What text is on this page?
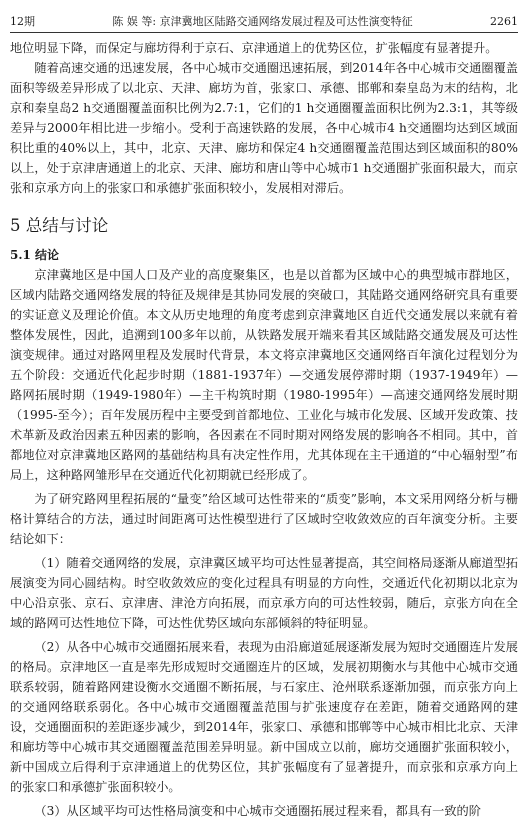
12期	陈 娱 等: 京津冀地区陆路交通网络发展过程及可达性演变特征	2261

地位明显下降，而保定与廊坊得利于京石、京津通道上的优势区位，扩张幅度有显著提升。

随着高速交通的迅速发展，各中心城市交通圈迅速拓展，到2014年各中心城市交通圈覆盖面积等级差异形成了以北京、天津、廊坊为首，张家口、承德、邯郸和秦皇岛为末的结构，北京和秦皇岛2 h交通圈覆盖面积比例为2.7:1，它们的1 h交通圈覆盖面积比例为2.3:1，其等级差异与2000年相比进一步缩小。受利于高速铁路的发展，各中心城市4 h交通圈均达到区域面积比重的40%以上，其中，北京、天津、廊坊和保定4 h交通圈覆盖范围达到区域面积的80%以上，处于京津唐通道上的北京、天津、廊坊和唐山等中心城市1 h交通圈扩张面积最大，而京张和京承方向上的张家口和承德扩张面积较小，发展相对滞后。

5 总结与讨论
5.1 结论

京津冀地区是中国人口及产业的高度聚集区，也是以首都为区域中心的典型城市群地区，区域内陆路交通网络发展的特征及规律是其协同发展的突破口，其陆路交通网络研究具有重要的实证意义及理论价值。本文从历史地理的角度考虑到京津冀地区自近代交通发展以来就有着整体发展性，因此，追溯到100多年以前，从铁路发展开端来看其区域陆路交通发展及可达性演变规律。通过对路网里程及发展时代背景，本文将京津冀地区交通网络百年演化过程划分为五个阶段：交通近代化起步时期（1881-1937年）—交通发展停滞时期（1937-1949年）—路网拓展时期（1949-1980年）—主干构筑时期（1980-1995年）—高速交通网络发展时期（1995-至今）；百年发展历程中主要受到首都地位、工业化与城市化发展、区域开发政策、技术革新及政治因素五种因素的影响，各因素在不同时期对网络发展的影响各不相同。其中，首都地位对京津冀地区路网的基础结构具有决定性作用，尤其体现在主干通道的“中心辐射型”布局上，这种路网雏形早在交通近代化初期就已经形成了。

为了研究路网里程拓展的“量变”给区域可达性带来的“质变”影响，本文采用网络分析与栅格计算结合的方法，通过时间距离可达性模型进行了区域时空收敛效应的百年演变分析。主要结论如下：

（1）随着交通网络的发展，京津冀区域平均可达性显著提高，其空间格局逐渐从廊道型拓展演变为同心圆结构。时空收敛效应的变化过程具有明显的方向性，交通近代化初期以北京为中心沿京张、京石、京津唐、津沧方向拓展，而京承方向的可达性较弱，随后，京张方向在全域的路网可达性地位下降，可达性优势区域向东部倾斜的特征明显。

（2）从各中心城市交通圈拓展来看，表现为由沿廊道延展逐渐发展为短时交通圈连片发展的格局。京津地区一直是率先形成短时交通圈连片的区域，发展初期衡水与其他中心城市交通联系较弱，随着路网建设衡水交通圈不断拓展，与石家庄、沧州联系逐渐加强，而京张方向上的交通网络联系弱化。各中心城市交通圈覆盖范围与扩张速度存在差距，随着交通路网的建设，交通圈面积的差距逐步减少，到2014年，张家口、承德和邯郸等中心城市相比北京、天津和廊坊等中心城市其交通圈覆盖范围差异明显。新中国成立以前，廊坊交通圈扩张面积较小，新中国成立后得利于京津通道上的优势区位，其扩张幅度有了显著提升，而京张和京承方向上的张家口和承德扩张面积较小。

（3）从区域平均可达性格局演变和中心城市交通圈拓展过程来看，都具有一致的阶
